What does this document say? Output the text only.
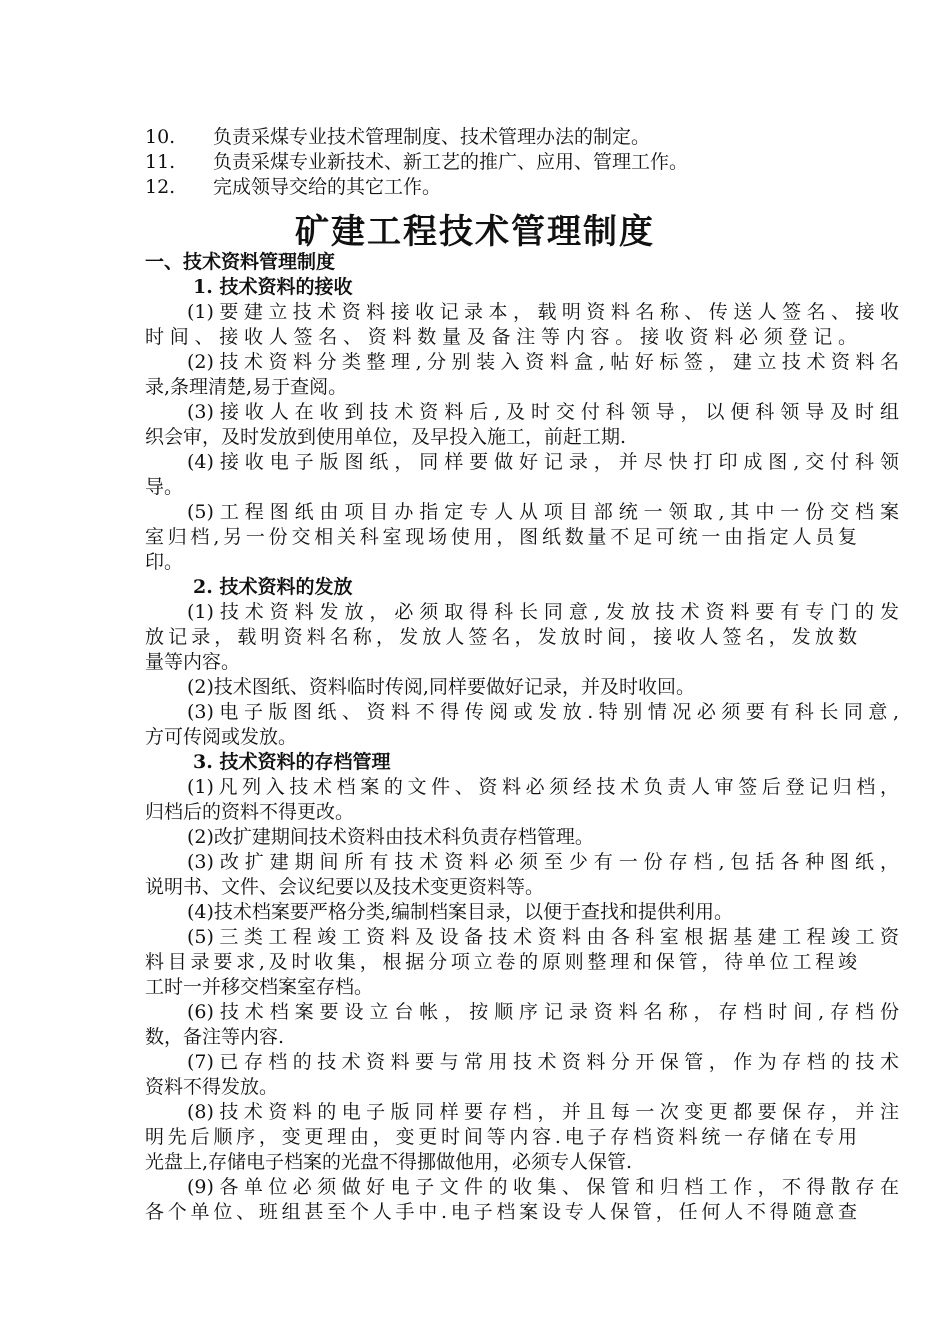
10. 负责采煤专业技术管理制度、技术管理办法的制定。
11. 负责采煤专业新技术、新工艺的推广、应用、管理工作。
12. 完成领导交给的其它工作。
矿建工程技术管理制度
一、技术资料管理制度
1. 技术资料的接收
(1)要建立技术资料接收记录本，载明资料名称、传送人签名、接收
时间、接收人签名、资料数量及备注等内容。接收资料必须登记。
(2)技术资料分类整理,分别装入资料盒,帖好标签，建立技术资料名
录,条理清楚,易于查阅。
(3)接收人在收到技术资料后,及时交付科领导，以便科领导及时组
织会审，及时发放到使用单位，及早投入施工，前赶工期.
(4)接收电子版图纸，同样要做好记录，并尽快打印成图,交付科领
导。
(5)工程图纸由项目办指定专人从项目部统一领取,其中一份交档案
室归档,另一份交相关科室现场使用，图纸数量不足可统一由指定人员复
印。
2. 技术资料的发放
(1)技术资料发放，必须取得科长同意,发放技术资料要有专门的发
放记录，载明资料名称，发放人签名，发放时间，接收人签名，发放数
量等内容。
(2)技术图纸、资料临时传阅,同样要做好记录，并及时收回。
(3)电子版图纸、资料不得传阅或发放.特别情况必须要有科长同意,
方可传阅或发放。
3. 技术资料的存档管理
(1)凡列入技术档案的文件、资料必须经技术负责人审签后登记归档，
归档后的资料不得更改。
(2)改扩建期间技术资料由技术科负责存档管理。
(3)改扩建期间所有技术资料必须至少有一份存档,包括各种图纸，
说明书、文件、会议纪要以及技术变更资料等。
(4)技术档案要严格分类,编制档案目录，以便于查找和提供利用。
(5)三类工程竣工资料及设备技术资料由各科室根据基建工程竣工资
料目录要求,及时收集，根据分项立卷的原则整理和保管，待单位工程竣
工时一并移交档案室存档。
(6)技术档案要设立台帐，按顺序记录资料名称，存档时间,存档份
数，备注等内容.
(7)已存档的技术资料要与常用技术资料分开保管，作为存档的技术
资料不得发放。
(8)技术资料的电子版同样要存档，并且每一次变更都要保存，并注
明先后顺序，变更理由，变更时间等内容.电子存档资料统一存储在专用
光盘上,存储电子档案的光盘不得挪做他用，必须专人保管.
(9)各单位必须做好电子文件的收集、保管和归档工作，不得散存在
各个单位、班组甚至个人手中.电子档案设专人保管，任何人不得随意查
